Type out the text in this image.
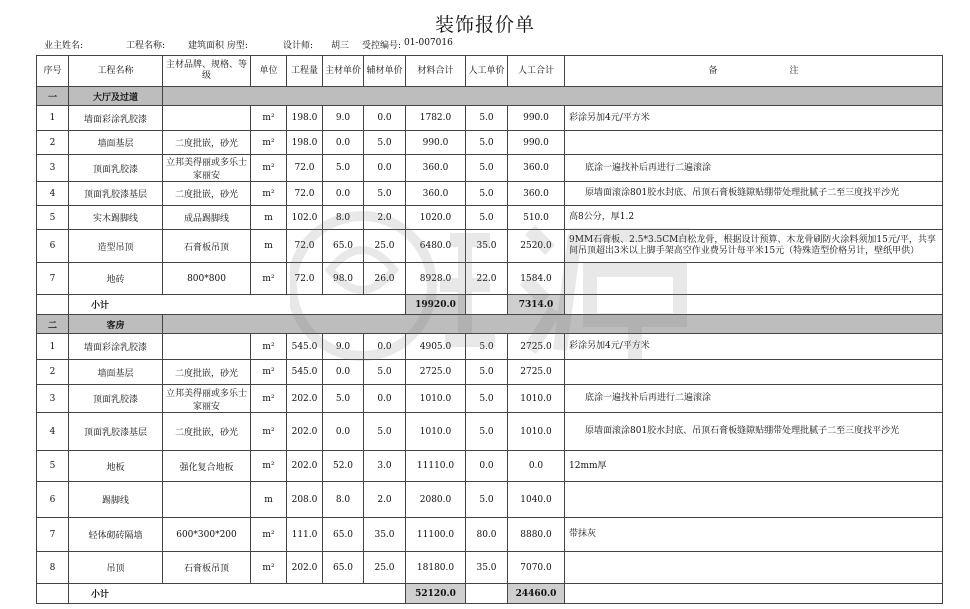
装饰报价单
业主姓名:	工程名称:	建筑面积 房型:	设计师: 胡三 受控编号: 01-007016
序号	工程名称	主材品牌、规格、等级	单位	工程量	主材单价	辅材单价	材料合计	人工单价	人工合计	备　　　　　　　　注
一	大厅及过道									
1	墙面彩涂乳胶漆		m²	198.0	9.0	0.0	1782.0	5.0	990.0	彩涂另加4元/平方米
2	墙面基层	二度批嵌，砂光	m²	198.0	0.0	5.0	990.0	5.0	990.0	
3	顶面乳胶漆	立邦美得丽或多乐士家丽安	m²	72.0	5.0	0.0	360.0	5.0	360.0	底涂一遍找补后再进行二遍滚涂
4	顶面乳胶漆基层	二度批嵌，砂光	m²	72.0	0.0	5.0	360.0	5.0	360.0	原墙面滚涂801胶水封底、吊顶石膏板缝隙贴绷带处理批腻子二至三度找平沙光
5	实木踢脚线	成品踢脚线	m	102.0	8.0	2.0	1020.0	5.0	510.0	高8公分，厚1.2
6	造型吊顶	石膏板吊顶	m	72.0	65.0	25.0	6480.0	35.0	2520.0	9MM石膏板、2.5*3.5CM白松龙骨，根据设计预算、木龙骨刷防火涂料须加15元/平，共享间吊顶超出3米以上脚手架高空作业费另计每平米15元（特殊造型价格另计，壁纸甲供）
7	地砖	800*800	m²	72.0	98.0	26.0	8928.0	22.0	1584.0	
	小计						19920.0		7314.0	
二	客房									
1	墙面彩涂乳胶漆		m²	545.0	9.0	0.0	4905.0	5.0	2725.0	彩涂另加4元/平方米
2	墙面基层	二度批嵌，砂光	m²	545.0	0.0	5.0	2725.0	5.0	2725.0	
3	顶面乳胶漆	立邦美得丽或多乐士家丽安	m²	202.0	5.0	0.0	1010.0	5.0	1010.0	底涂一遍找补后再进行二遍滚涂
4	顶面乳胶漆基层	二度批嵌，砂光	m²	202.0	0.0	5.0	1010.0	5.0	1010.0	原墙面滚涂801胶水封底、吊顶石膏板缝隙贴绷带处理批腻子二至三度找平沙光
5	地板	强化复合地板	m²	202.0	52.0	3.0	11110.0	0.0	0.0	12mm厚
6	踢脚线		m	208.0	8.0	2.0	2080.0	5.0	1040.0	
7	轻体砌砖隔墙	600*300*200	m²	111.0	65.0	35.0	11100.0	80.0	8880.0	带抹灰
8	吊顶	石膏板吊顶	m²	202.0	65.0	25.0	18180.0	35.0	7070.0	
	小计						52120.0		24460.0	
